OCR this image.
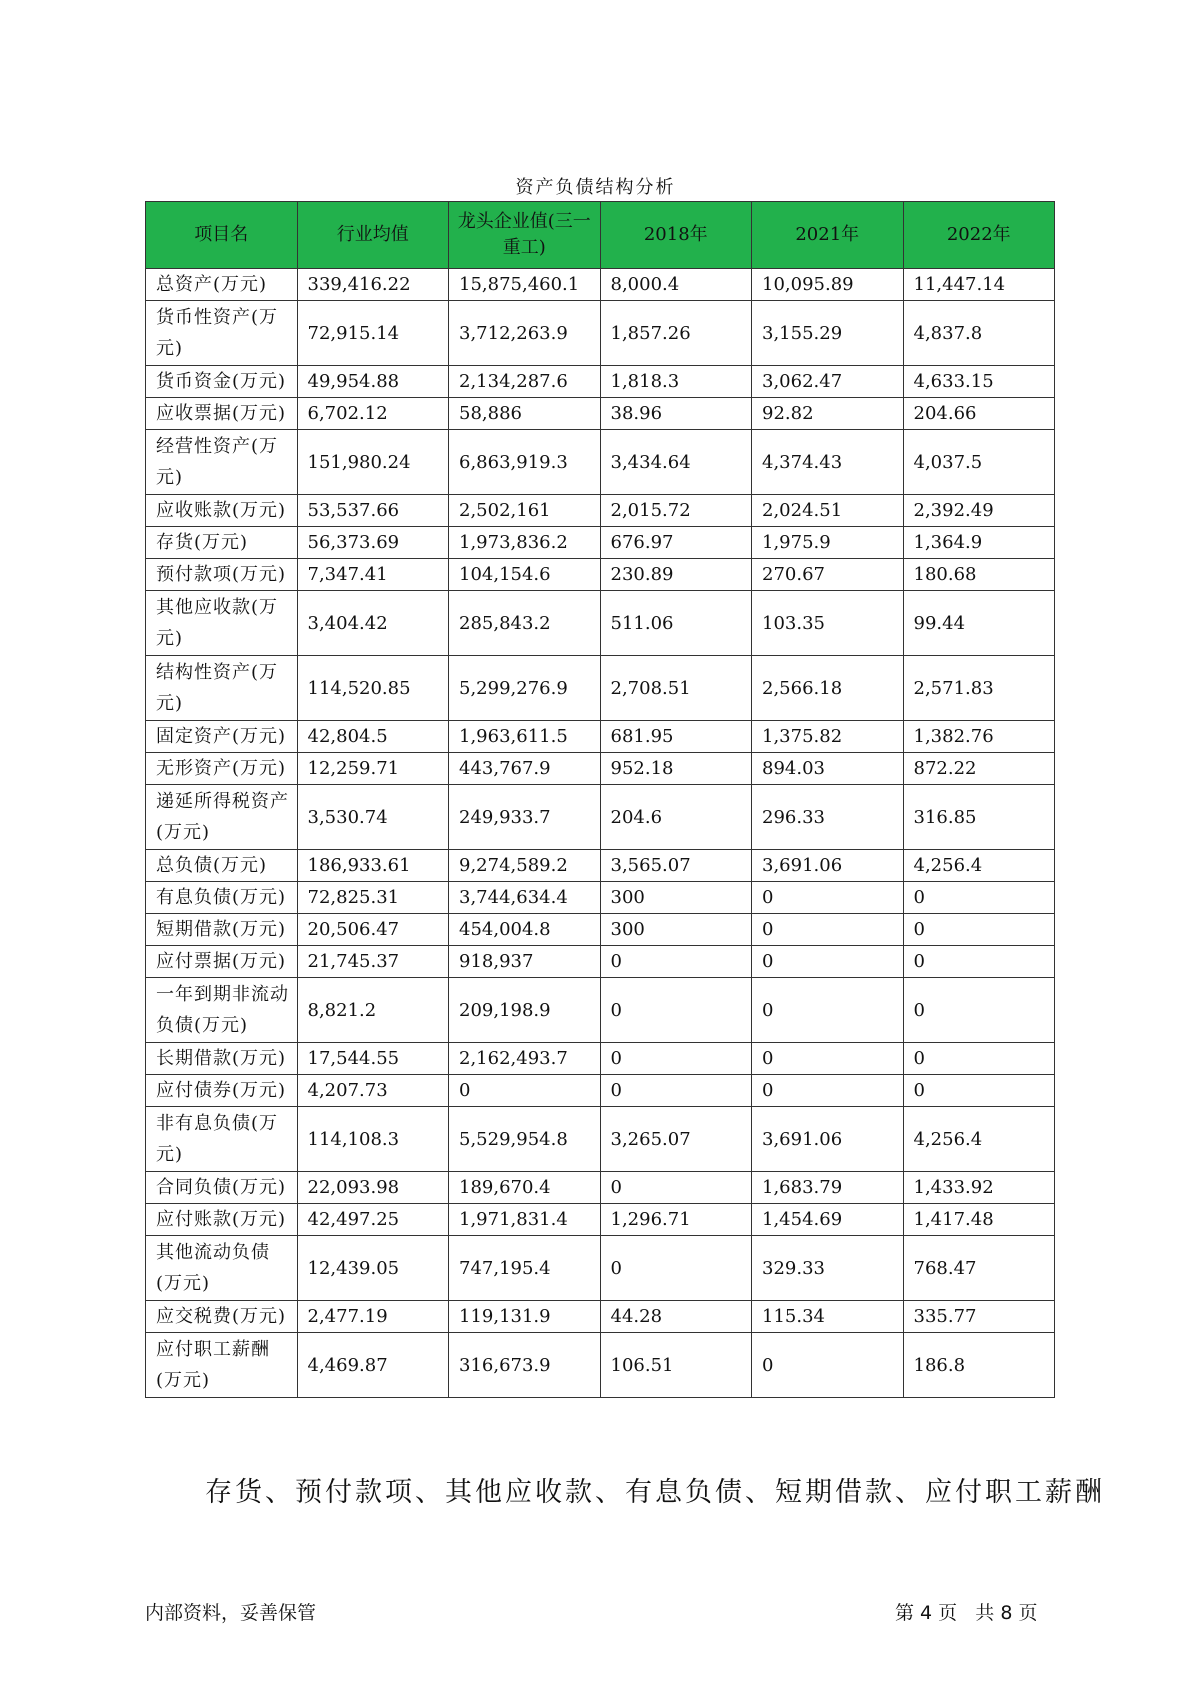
资产负债结构分析
项目名	行业均值	龙头企业值(三一重工)	2018年	2021年	2022年
总资产(万元)	339,416.22	15,875,460.1	8,000.4	10,095.89	11,447.14
货币性资产(万元)	72,915.14	3,712,263.9	1,857.26	3,155.29	4,837.8
货币资金(万元)	49,954.88	2,134,287.6	1,818.3	3,062.47	4,633.15
应收票据(万元)	6,702.12	58,886	38.96	92.82	204.66
经营性资产(万元)	151,980.24	6,863,919.3	3,434.64	4,374.43	4,037.5
应收账款(万元)	53,537.66	2,502,161	2,015.72	2,024.51	2,392.49
存货(万元)	56,373.69	1,973,836.2	676.97	1,975.9	1,364.9
预付款项(万元)	7,347.41	104,154.6	230.89	270.67	180.68
其他应收款(万元)	3,404.42	285,843.2	511.06	103.35	99.44
结构性资产(万元)	114,520.85	5,299,276.9	2,708.51	2,566.18	2,571.83
固定资产(万元)	42,804.5	1,963,611.5	681.95	1,375.82	1,382.76
无形资产(万元)	12,259.71	443,767.9	952.18	894.03	872.22
递延所得税资产(万元)	3,530.74	249,933.7	204.6	296.33	316.85
总负债(万元)	186,933.61	9,274,589.2	3,565.07	3,691.06	4,256.4
有息负债(万元)	72,825.31	3,744,634.4	300	0	0
短期借款(万元)	20,506.47	454,004.8	300	0	0
应付票据(万元)	21,745.37	918,937	0	0	0
一年到期非流动负债(万元)	8,821.2	209,198.9	0	0	0
长期借款(万元)	17,544.55	2,162,493.7	0	0	0
应付债券(万元)	4,207.73	0	0	0	0
非有息负债(万元)	114,108.3	5,529,954.8	3,265.07	3,691.06	4,256.4
合同负债(万元)	22,093.98	189,670.4	0	1,683.79	1,433.92
应付账款(万元)	42,497.25	1,971,831.4	1,296.71	1,454.69	1,417.48
其他流动负债(万元)	12,439.05	747,195.4	0	329.33	768.47
应交税费(万元)	2,477.19	119,131.9	44.28	115.34	335.77
应付职工薪酬(万元)	4,469.87	316,673.9	106.51	0	186.8
存货、预付款项、其他应收款、有息负债、短期借款、应付职工薪酬
内部资料，妥善保管	第 4 页   共 8 页
